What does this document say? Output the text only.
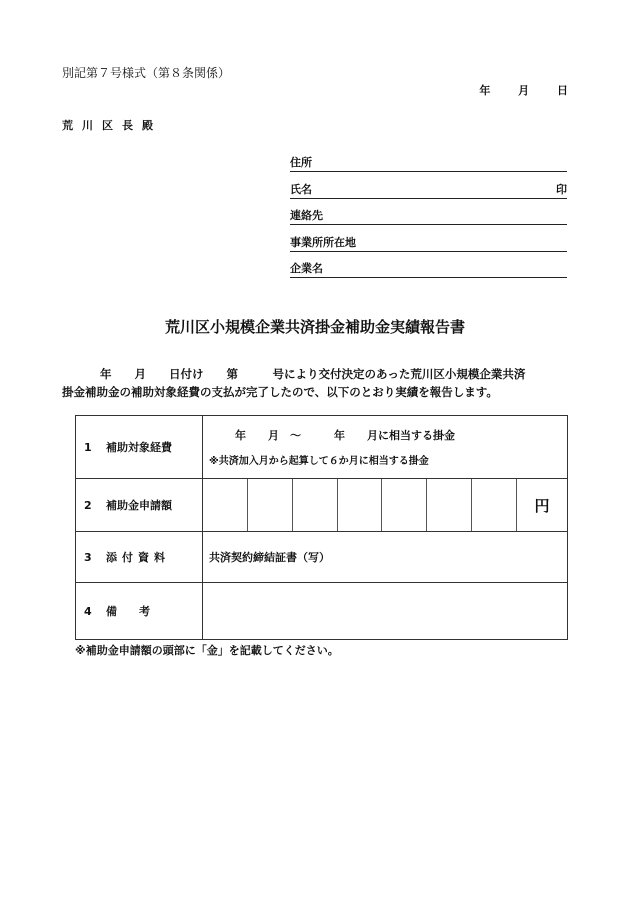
別記第７号様式（第８条関係）
年	月	日
荒川区長殿
住所
氏名	印
連絡先
事業所所在地
企業名
荒川区小規模企業共済掛金補助金実績報告書
年　　月　　日付け　　第　　　号により交付決定のあった荒川区小規模企業共済
掛金補助金の補助対象経費の支払が完了したので、以下のとおり実績を報告します。
1 補助対象経費	年　　月　～　　　年　　月に相当する掛金
※共済加入月から起算して６か月に相当する掛金

2 補助金申請額	円

3 添付資料	共済契約締結証書（写）
4 備　　考	
※補助金申請額の頭部に「金」を記載してください。
